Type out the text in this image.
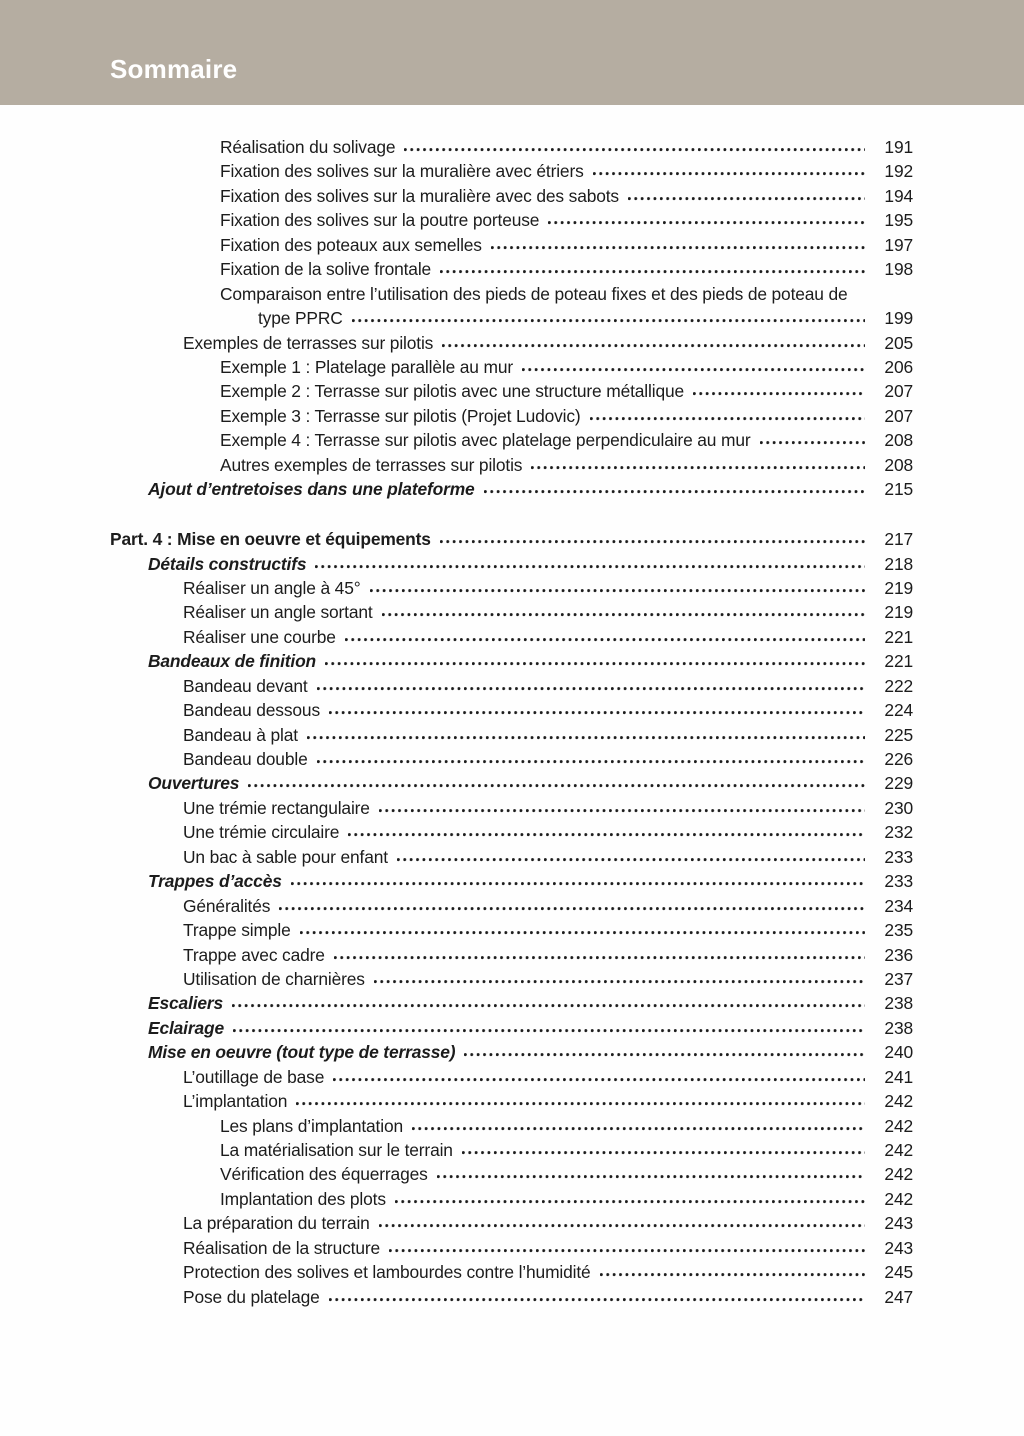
Sommaire
Réalisation du solivage	191
Fixation des solives sur la muralière avec étriers	192
Fixation des solives sur la muralière avec des sabots	194
Fixation des solives sur la poutre porteuse	195
Fixation des poteaux aux semelles	197
Fixation de la solive frontale	198
Comparaison entre l’utilisation des pieds de poteau fixes et des pieds de poteau de
type PPRC	199
Exemples de terrasses sur pilotis	205
Exemple 1 : Platelage parallèle au mur	206
Exemple 2 : Terrasse sur pilotis avec une structure métallique	207
Exemple 3 : Terrasse sur pilotis (Projet Ludovic)	207
Exemple 4 : Terrasse sur pilotis avec platelage perpendiculaire au mur	208
Autres exemples de terrasses sur pilotis	208
Ajout d’entretoises dans une plateforme	215
Part. 4 : Mise en oeuvre et équipements	217
Détails constructifs	218
Réaliser un angle à 45°	219
Réaliser un angle sortant	219
Réaliser une courbe	221
Bandeaux de finition	221
Bandeau devant	222
Bandeau dessous	224
Bandeau à plat	225
Bandeau double	226
Ouvertures	229
Une trémie rectangulaire	230
Une trémie circulaire	232
Un bac à sable pour enfant	233
Trappes d’accès	233
Généralités	234
Trappe simple	235
Trappe avec cadre	236
Utilisation de charnières	237
Escaliers	238
Eclairage	238
Mise en oeuvre (tout type de terrasse)	240
L’outillage de base	241
L’implantation	242
Les plans d’implantation	242
La matérialisation sur le terrain	242
Vérification des équerrages	242
Implantation des plots	242
La préparation du terrain	243
Réalisation de la structure	243
Protection des solives et lambourdes contre l’humidité	245
Pose du platelage	247
